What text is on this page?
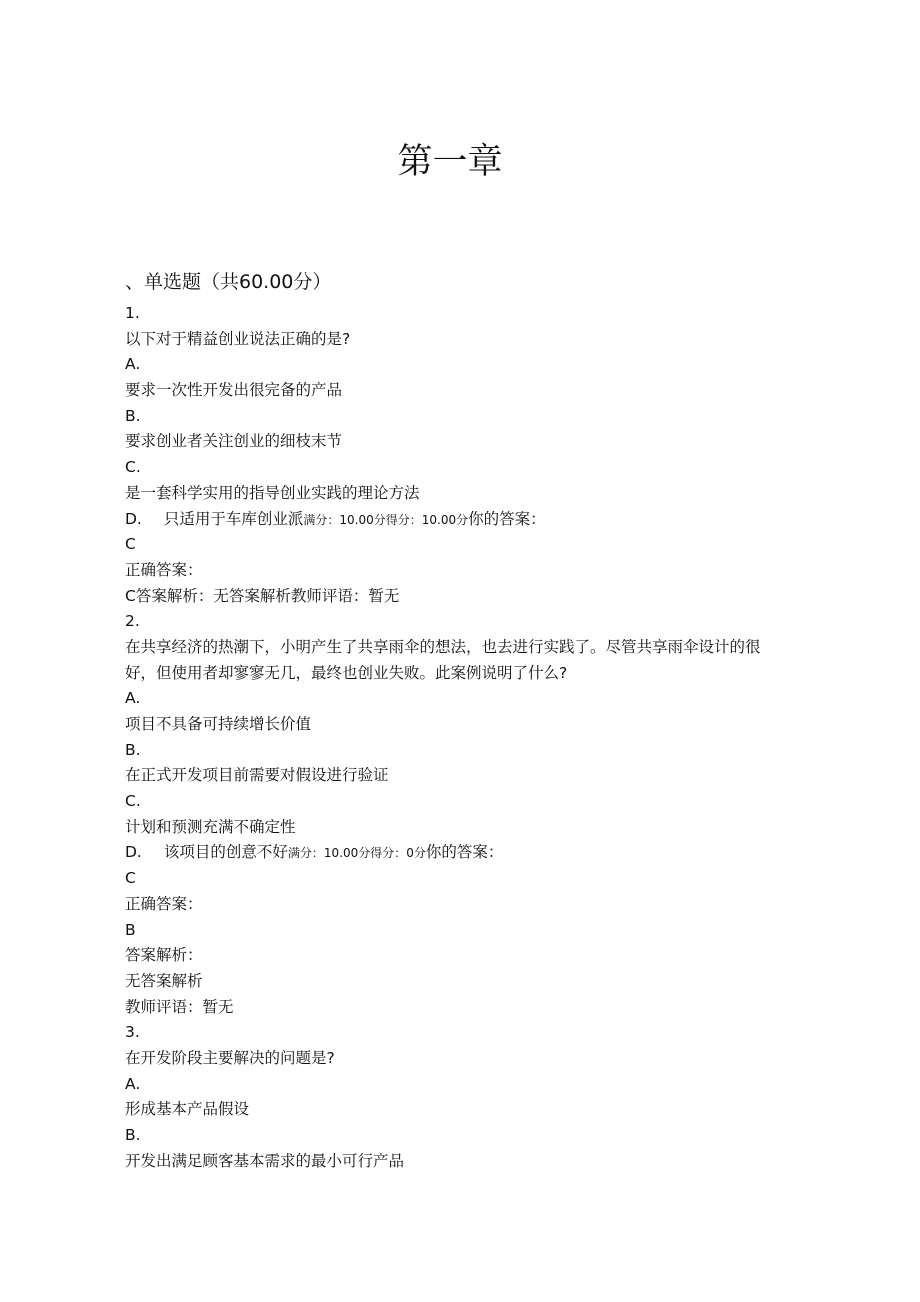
第一章
、单选题（共60.00分）
1.
以下对于精益创业说法正确的是?
A.
要求一次性开发出很完备的产品
B.
要求创业者关注创业的细枝末节
C.
是一套科学实用的指导创业实践的理论方法
D. 只适用于车库创业派满分：10.00分得分：10.00分你的答案：
C
正确答案：
C答案解析：无答案解析教师评语：暂无
2.
在共享经济的热潮下，小明产生了共享雨伞的想法，也去进行实践了。尽管共享雨伞设计的很好，但使用者却寥寥无几，最终也创业失败。此案例说明了什么?
A.
项目不具备可持续增长价值
B.
在正式开发项目前需要对假设进行验证
C.
计划和预测充满不确定性
D. 该项目的创意不好满分：10.00分得分：0分你的答案：
C
正确答案：
B
答案解析：
无答案解析
教师评语：暂无
3.
在开发阶段主要解决的问题是?
A.
形成基本产品假设
B.
开发出满足顾客基本需求的最小可行产品
